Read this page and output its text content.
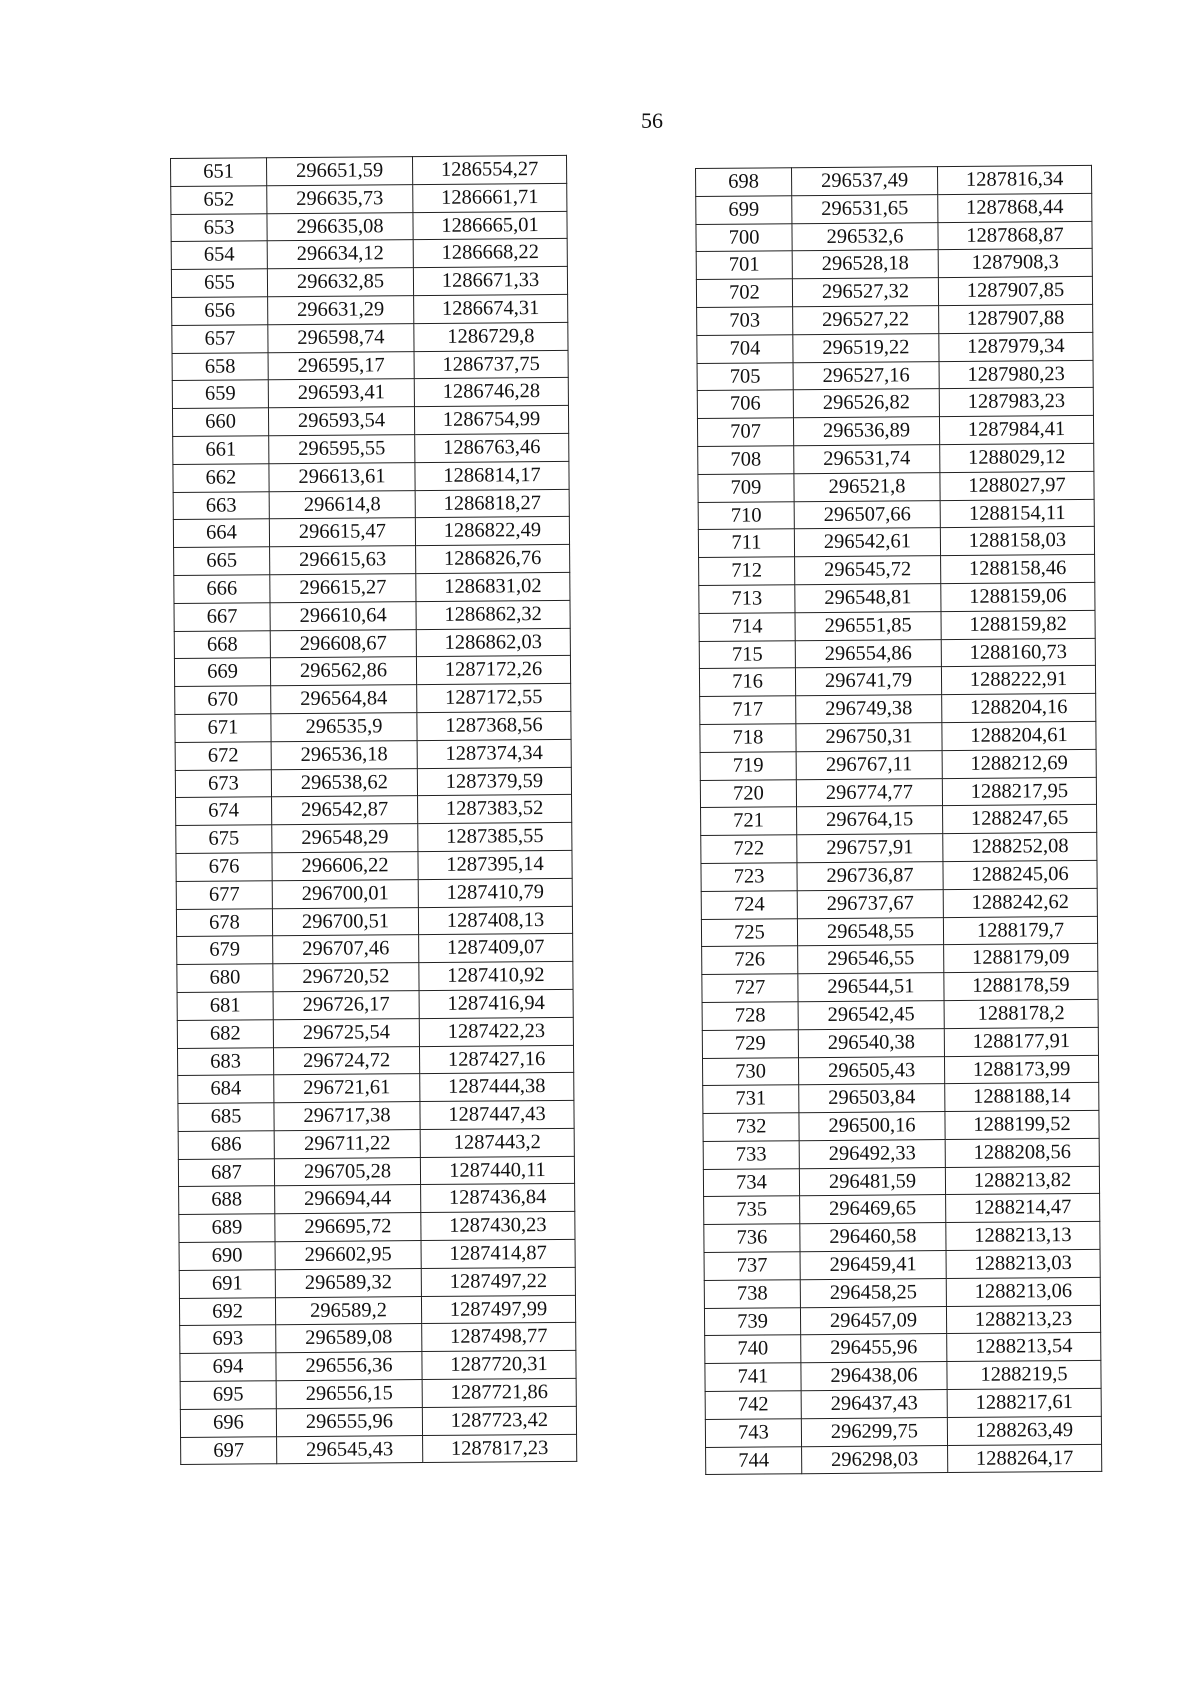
56
651	296651,59	1286554,27
652	296635,73	1286661,71
653	296635,08	1286665,01
654	296634,12	1286668,22
655	296632,85	1286671,33
656	296631,29	1286674,31
657	296598,74	1286729,8
658	296595,17	1286737,75
659	296593,41	1286746,28
660	296593,54	1286754,99
661	296595,55	1286763,46
662	296613,61	1286814,17
663	296614,8	1286818,27
664	296615,47	1286822,49
665	296615,63	1286826,76
666	296615,27	1286831,02
667	296610,64	1286862,32
668	296608,67	1286862,03
669	296562,86	1287172,26
670	296564,84	1287172,55
671	296535,9	1287368,56
672	296536,18	1287374,34
673	296538,62	1287379,59
674	296542,87	1287383,52
675	296548,29	1287385,55
676	296606,22	1287395,14
677	296700,01	1287410,79
678	296700,51	1287408,13
679	296707,46	1287409,07
680	296720,52	1287410,92
681	296726,17	1287416,94
682	296725,54	1287422,23
683	296724,72	1287427,16
684	296721,61	1287444,38
685	296717,38	1287447,43
686	296711,22	1287443,2
687	296705,28	1287440,11
688	296694,44	1287436,84
689	296695,72	1287430,23
690	296602,95	1287414,87
691	296589,32	1287497,22
692	296589,2	1287497,99
693	296589,08	1287498,77
694	296556,36	1287720,31
695	296556,15	1287721,86
696	296555,96	1287723,42
697	296545,43	1287817,23
698	296537,49	1287816,34
699	296531,65	1287868,44
700	296532,6	1287868,87
701	296528,18	1287908,3
702	296527,32	1287907,85
703	296527,22	1287907,88
704	296519,22	1287979,34
705	296527,16	1287980,23
706	296526,82	1287983,23
707	296536,89	1287984,41
708	296531,74	1288029,12
709	296521,8	1288027,97
710	296507,66	1288154,11
711	296542,61	1288158,03
712	296545,72	1288158,46
713	296548,81	1288159,06
714	296551,85	1288159,82
715	296554,86	1288160,73
716	296741,79	1288222,91
717	296749,38	1288204,16
718	296750,31	1288204,61
719	296767,11	1288212,69
720	296774,77	1288217,95
721	296764,15	1288247,65
722	296757,91	1288252,08
723	296736,87	1288245,06
724	296737,67	1288242,62
725	296548,55	1288179,7
726	296546,55	1288179,09
727	296544,51	1288178,59
728	296542,45	1288178,2
729	296540,38	1288177,91
730	296505,43	1288173,99
731	296503,84	1288188,14
732	296500,16	1288199,52
733	296492,33	1288208,56
734	296481,59	1288213,82
735	296469,65	1288214,47
736	296460,58	1288213,13
737	296459,41	1288213,03
738	296458,25	1288213,06
739	296457,09	1288213,23
740	296455,96	1288213,54
741	296438,06	1288219,5
742	296437,43	1288217,61
743	296299,75	1288263,49
744	296298,03	1288264,17
